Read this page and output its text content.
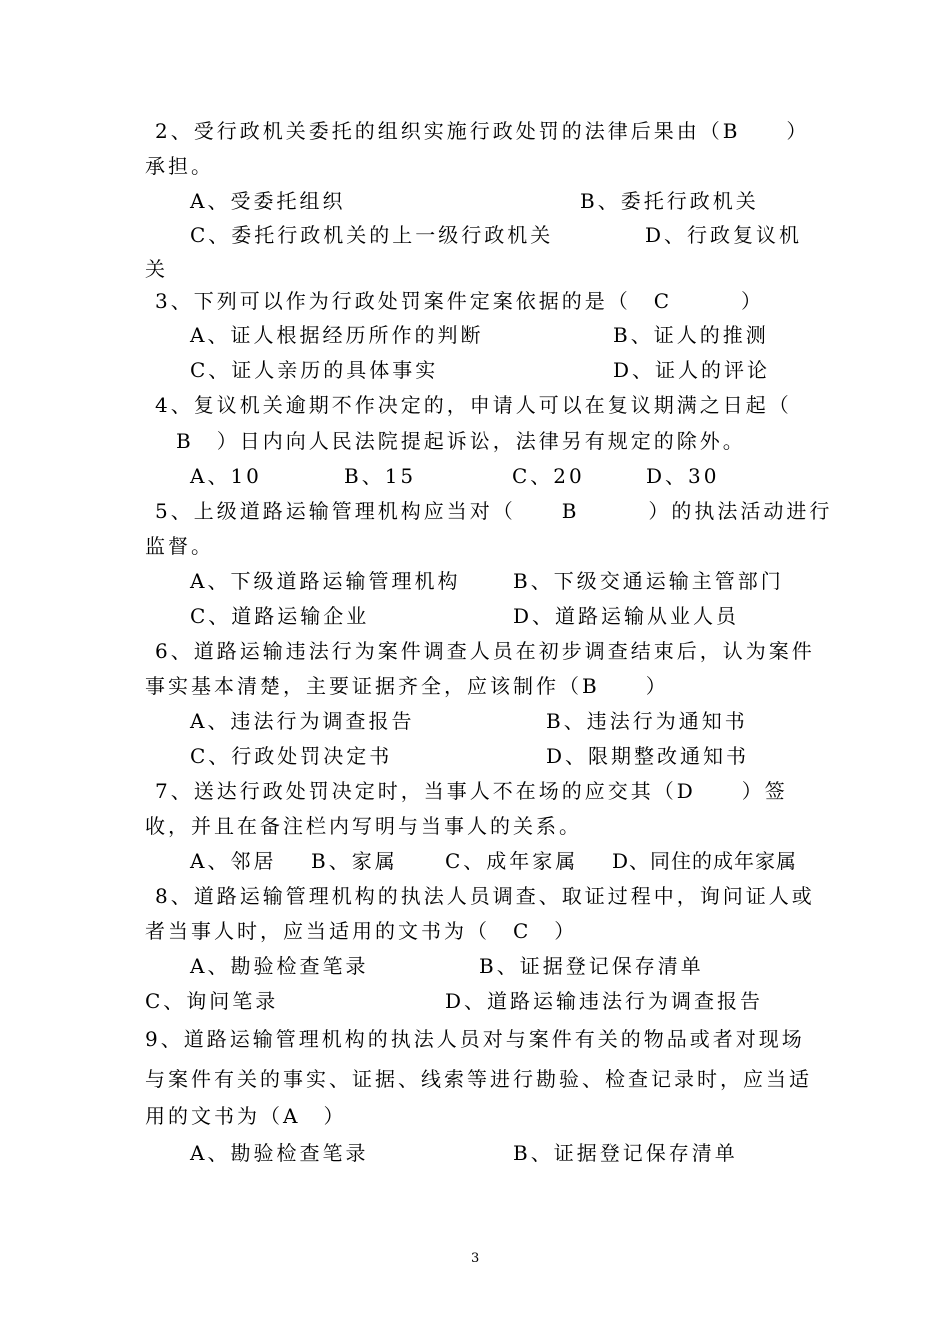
2、受行政机关委托的组织实施行政处罚的法律后果由（B　　）
承担。
A、受委托组织	B、委托行政机关
C、委托行政机关的上一级行政机关	D、行政复议机
关
3、下列可以作为行政处罚案件定案依据的是（　C　　　）
A、证人根据经历所作的判断	B、证人的推测
C、证人亲历的具体事实	D、证人的评论
4、复议机关逾期不作决定的，申请人可以在复议期满之日起（
B　）日内向人民法院提起诉讼，法律另有规定的除外。
A、10	B、15	C、20	D、30
5、上级道路运输管理机构应当对（　　B　　　）的执法活动进行
监督。
A、下级道路运输管理机构	B、下级交通运输主管部门
C、道路运输企业	D、道路运输从业人员
6、道路运输违法行为案件调查人员在初步调查结束后，认为案件
事实基本清楚，主要证据齐全，应该制作（B　　）
A、违法行为调查报告	B、违法行为通知书
C、行政处罚决定书	D、限期整改通知书
7、送达行政处罚决定时，当事人不在场的应交其（D　　）签
收，并且在备注栏内写明与当事人的关系。
A、邻居 B、家属 C、成年家属 D、同住的成年家属
8、道路运输管理机构的执法人员调查、取证过程中，询问证人或
者当事人时，应当适用的文书为（　C　）
A、勘验检查笔录	B、证据登记保存清单
C、询问笔录	D、道路运输违法行为调查报告
9、道路运输管理机构的执法人员对与案件有关的物品或者对现场
与案件有关的事实、证据、线索等进行勘验、检查记录时，应当适
用的文书为（A　）
A、勘验检查笔录	B、证据登记保存清单
3
